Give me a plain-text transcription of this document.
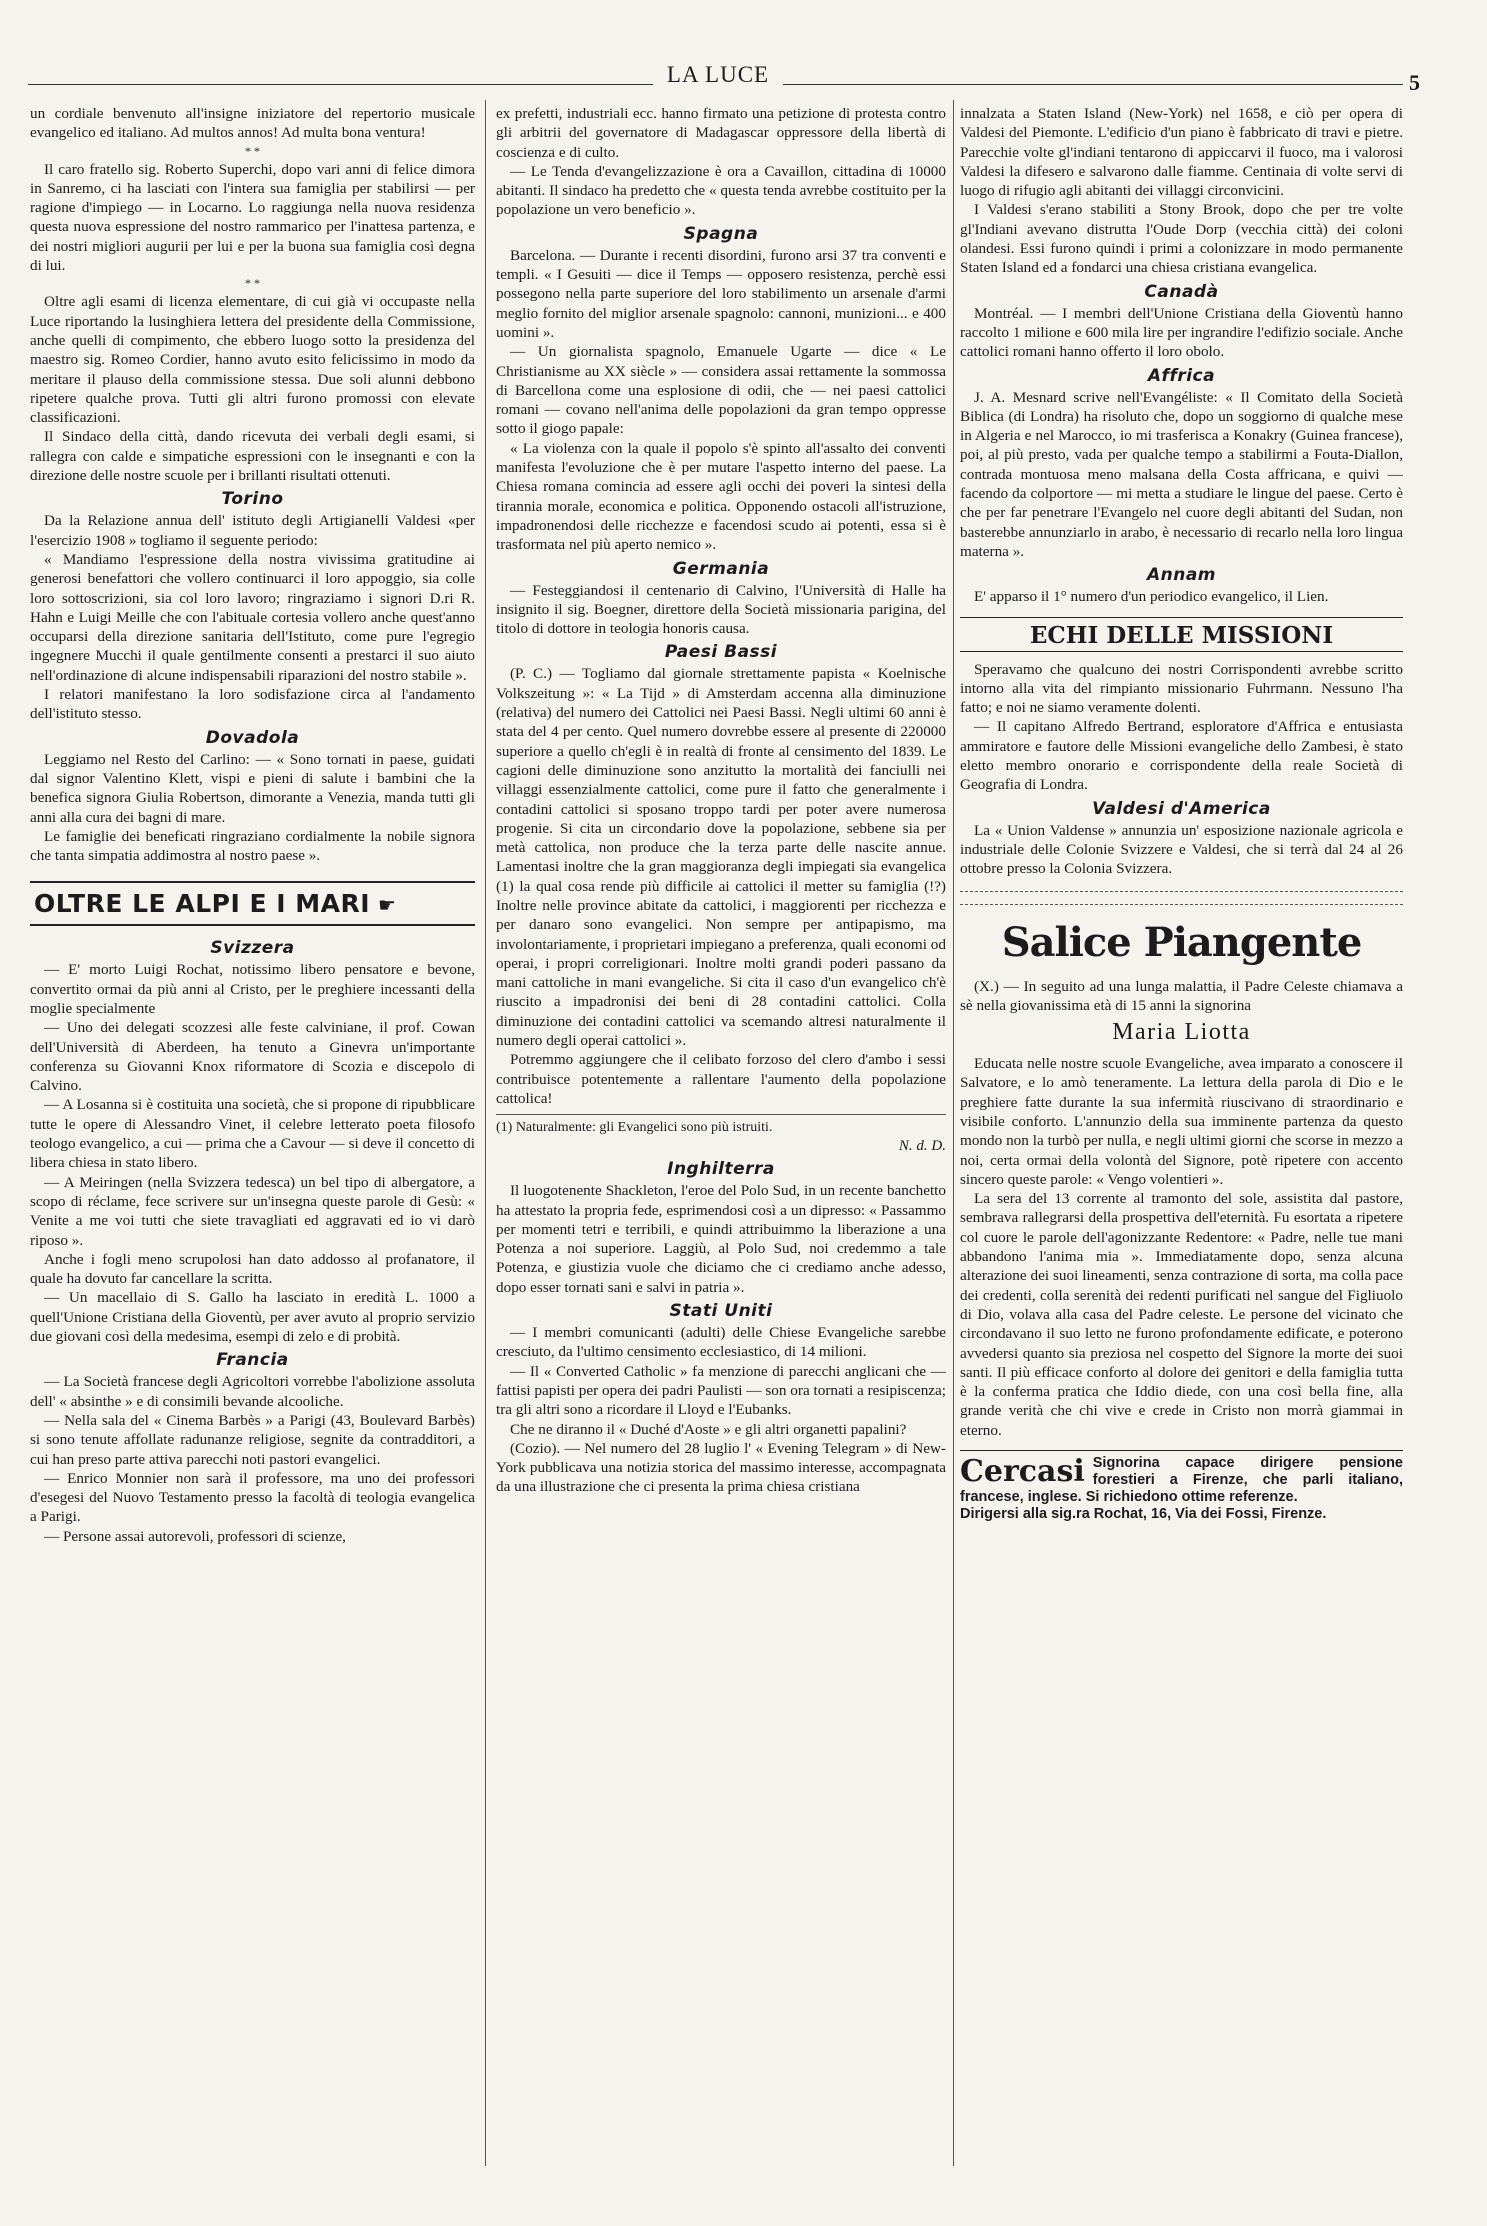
LA LUCE	5

un cordiale benvenuto all'insigne iniziatore del repertorio musicale evangelico ed italiano. Ad multos annos! Ad multa bona ventura!

* *

Il caro fratello sig. Roberto Superchi, dopo vari anni di felice dimora in Sanremo, ci ha lasciati con l'intera sua famiglia per stabilirsi — per ragione d'impiego — in Locarno. Lo raggiunga nella nuova residenza questa nuova espressione del nostro rammarico per l'inattesa partenza, e dei nostri migliori augurii per lui e per la buona sua famiglia così degna di lui.

* *

Oltre agli esami di licenza elementare, di cui già vi occupaste nella Luce riportando la lusinghiera lettera del presidente della Commissione, anche quelli di compimento, che ebbero luogo sotto la presidenza del maestro sig. Romeo Cordier, hanno avuto esito felicissimo in modo da meritare il plauso della commissione stessa. Due soli alunni debbono ripetere qualche prova. Tutti gli altri furono promossi con elevate classificazioni.

Il Sindaco della città, dando ricevuta dei verbali degli esami, si rallegra con calde e simpatiche espressioni con le insegnanti e con la direzione delle nostre scuole per i brillanti risultati ottenuti.

Torino

Da la Relazione annua dell' istituto degli Artigianelli Valdesi «per l'esercizio 1908 » togliamo il seguente periodo:

« Mandiamo l'espressione della nostra vivissima gratitudine ai generosi benefattori che vollero continuarci il loro appoggio, sia colle loro sottoscrizioni, sia col loro lavoro; ringraziamo i signori D.ri R. Hahn e Luigi Meille che con l'abituale cortesia vollero anche quest'anno occuparsi della direzione sanitaria dell'Istituto, come pure l'egregio ingegnere Mucchi il quale gentilmente consenti a prestarci il suo aiuto nell'ordinazione di alcune indispensabili riparazioni del nostro stabile ».

I relatori manifestano la loro sodisfazione circa al l'andamento dell'istituto stesso.

Dovadola

Leggiamo nel Resto del Carlino: — « Sono tornati in paese, guidati dal signor Valentino Klett, vispi e pieni di salute i bambini che la benefica signora Giulia Robertson, dimorante a Venezia, manda tutti gli anni alla cura dei bagni di mare.

Le famiglie dei beneficati ringraziano cordialmente la nobile signora che tanta simpatia addimostra al nostro paese ».

OLTRE LE ALPI E I MARI ☛
Svizzera

— E' morto Luigi Rochat, notissimo libero pensatore e bevone, convertito ormai da più anni al Cristo, per le preghiere incessanti della moglie specialmente

— Uno dei delegati scozzesi alle feste calviniane, il prof. Cowan dell'Università di Aberdeen, ha tenuto a Ginevra un'importante conferenza su Giovanni Knox riformatore di Scozia e discepolo di Calvino.

— A Losanna si è costituita una società, che si propone di ripubblicare tutte le opere di Alessandro Vinet, il celebre letterato poeta filosofo teologo evangelico, a cui — prima che a Cavour — si deve il concetto di libera chiesa in stato libero.

— A Meiringen (nella Svizzera tedesca) un bel tipo di albergatore, a scopo di réclame, fece scrivere sur un'insegna queste parole di Gesù: « Venite a me voi tutti che siete travagliati ed aggravati ed io vi darò riposo ».

Anche i fogli meno scrupolosi han dato addosso al profanatore, il quale ha dovuto far cancellare la scritta.

— Un macellaio di S. Gallo ha lasciato in eredità L. 1000 a quell'Unione Cristiana della Gioventù, per aver avuto al proprio servizio due giovani così della medesima, esempi di zelo e di probità.

Francia

— La Società francese degli Agricoltori vorrebbe l'abolizione assoluta dell' « absinthe » e di consimili bevande alcooliche.

— Nella sala del « Cinema Barbès » a Parigi (43, Boulevard Barbès) si sono tenute affollate radunanze religiose, segnite da contradditori, a cui han preso parte attiva parecchi noti pastori evangelici.

— Enrico Monnier non sarà il professore, ma uno dei professori d'esegesi del Nuovo Testamento presso la facoltà di teologia evangelica a Parigi.

— Persone assai autorevoli, professori di scienze,

ex prefetti, industriali ecc. hanno firmato una petizione di protesta contro gli arbitrii del governatore di Madagascar oppressore della libertà di coscienza e di culto.

— Le Tenda d'evangelizzazione è ora a Cavaillon, cittadina di 10000 abitanti. Il sindaco ha predetto che « questa tenda avrebbe costituito per la popolazione un vero beneficio ».

Spagna

Barcelona. — Durante i recenti disordini, furono arsi 37 tra conventi e templi. « I Gesuiti — dice il Temps — opposero resistenza, perchè essi possegono nella parte superiore del loro stabilimento un arsenale d'armi meglio fornito del miglior arsenale spagnolo: cannoni, munizioni... e 400 uomini ».

— Un giornalista spagnolo, Emanuele Ugarte — dice « Le Christianisme au XX siècle » — considera assai rettamente la sommossa di Barcellona come una esplosione di odii, che — nei paesi cattolici romani — covano nell'anima delle popolazioni da gran tempo oppresse sotto il giogo papale:

« La violenza con la quale il popolo s'è spinto all'assalto dei conventi manifesta l'evoluzione che è per mutare l'aspetto interno del paese. La Chiesa romana comincia ad essere agli occhi dei poveri la sintesi della tirannia morale, economica e politica. Opponendo ostacoli all'istruzione, impadronendosi delle ricchezze e facendosi scudo ai potenti, essa si è trasformata nel più aperto nemico ».

Germania

— Festeggiandosi il centenario di Calvino, l'Università di Halle ha insignito il sig. Boegner, direttore della Società missionaria parigina, del titolo di dottore in teologia honoris causa.

Paesi Bassi

(P. C.) — Togliamo dal giornale strettamente papista « Koelnische Volkszeitung »: « La Tijd » di Amsterdam accenna alla diminuzione (relativa) del numero dei Cattolici nei Paesi Bassi. Negli ultimi 60 anni è stata del 4 per cento. Quel numero dovrebbe essere al presente di 220000 superiore a quello ch'egli è in realtà di fronte al censimento del 1839. Le cagioni delle diminuzione sono anzitutto la mortalità dei fanciulli nei villaggi essenzialmente cattolici, come pure il fatto che generalmente i contadini cattolici si sposano troppo tardi per poter avere numerosa progenie. Si cita un circondario dove la popolazione, sebbene sia per metà cattolica, non produce che la terza parte delle nascite annue. Lamentasi inoltre che la gran maggioranza degli impiegati sia evangelica (1) la qual cosa rende più difficile ai cattolici il metter su famiglia (!?) Inoltre nelle province abitate da cattolici, i maggiorenti per ricchezza e per danaro sono evangelici. Non sempre per antipapismo, ma involontariamente, i proprietari impiegano a preferenza, quali economi od operai, i propri correligionari. Inoltre molti grandi poderi passano da mani cattoliche in mani evangeliche. Si cita il caso d'un evangelico ch'è riuscito a impadronisi dei beni di 28 contadini cattolici. Colla diminuzione dei contadini cattolici va scemando altresi naturalmente il numero degli operai cattolici ».

Potremmo aggiungere che il celibato forzoso del clero d'ambo i sessi contribuisce potentemente a rallentare l'aumento della popolazione cattolica!

(1) Naturalmente: gli Evangelici sono più istruiti.
N. d. D.
Inghilterra

Il luogotenente Shackleton, l'eroe del Polo Sud, in un recente banchetto ha attestato la propria fede, esprimendosi così a un dipresso: « Passammo per momenti tetri e terribili, e quindi attribuimmo la liberazione a una Potenza a noi superiore. Laggiù, al Polo Sud, noi credemmo a tale Potenza, e giustizia vuole che diciamo che ci crediamo anche adesso, dopo esser tornati sani e salvi in patria ».

Stati Uniti

— I membri comunicanti (adulti) delle Chiese Evangeliche sarebbe cresciuto, da l'ultimo censimento ecclesiastico, di 14 milioni.

— Il « Converted Catholic » fa menzione di parecchi anglicani che — fattisi papisti per opera dei padri Paulisti — son ora tornati a resipiscenza; tra gli altri sono a ricordare il Lloyd e l'Eubanks.

Che ne diranno il « Duché d'Aoste » e gli altri organetti papalini?

(Cozio). — Nel numero del 28 luglio l' « Evening Telegram » di New-York pubblicava una notizia storica del massimo interesse, accompagnata da una illustrazione che ci presenta la prima chiesa cristiana

innalzata a Staten Island (New-York) nel 1658, e ciò per opera di Valdesi del Piemonte. L'edificio d'un piano è fabbricato di travi e pietre. Parecchie volte gl'indiani tentarono di appiccarvi il fuoco, ma i valorosi Valdesi la difesero e salvarono dalle fiamme. Centinaia di volte servi di luogo di rifugio agli abitanti dei villaggi circonvicini.

I Valdesi s'erano stabiliti a Stony Brook, dopo che per tre volte gl'Indiani avevano distrutta l'Oude Dorp (vecchia città) dei coloni olandesi. Essi furono quindi i primi a colonizzare in modo permanente Staten Island ed a fondarci una chiesa cristiana evangelica.

Canadà

Montréal. — I membri dell'Unione Cristiana della Gioventù hanno raccolto 1 milione e 600 mila lire per ingrandire l'edifizio sociale. Anche cattolici romani hanno offerto il loro obolo.

Affrica

J. A. Mesnard scrive nell'Evangéliste: « Il Comitato della Società Biblica (di Londra) ha risoluto che, dopo un soggiorno di qualche mese in Algeria e nel Marocco, io mi trasferisca a Konakry (Guinea francese), poi, al più presto, vada per qualche tempo a stabilirmi a Fouta-Diallon, contrada montuosa meno malsana della Costa affricana, e quivi — facendo da colportore — mi metta a studiare le lingue del paese. Certo è che per far penetrare l'Evangelo nel cuore degli abitanti del Sudan, non basterebbe annunziarlo in arabo, è necessario di recarlo nella loro lingua materna ».

Annam

E' apparso il 1° numero d'un periodico evangelico, il Lien.

ECHI DELLE MISSIONI

Speravamo che qualcuno dei nostri Corrispondenti avrebbe scritto intorno alla vita del rimpianto missionario Fuhrmann. Nessuno l'ha fatto; e noi ne siamo veramente dolenti.

— Il capitano Alfredo Bertrand, esploratore d'Affrica e entusiasta ammiratore e fautore delle Missioni evangeliche dello Zambesi, è stato eletto membro onorario e corrispondente della reale Società di Geografia di Londra.

Valdesi d'America

La « Union Valdense » annunzia un' esposizione nazionale agricola e industriale delle Colonie Svizzere e Valdesi, che si terrà dal 24 al 26 ottobre presso la Colonia Svizzera.

Salice Piangente

(X.) — In seguito ad una lunga malattia, il Padre Celeste chiamava a sè nella giovanissima età di 15 anni la signorina

Maria Liotta

Educata nelle nostre scuole Evangeliche, avea imparato a conoscere il Salvatore, e lo amò teneramente. La lettura della parola di Dio e le preghiere fatte durante la sua infermità riuscivano di straordinario e visibile conforto. L'annunzio della sua imminente partenza da questo mondo non la turbò per nulla, e negli ultimi giorni che scorse in mezzo a noi, certa ormai della volontà del Signore, potè ripetere con accento sincero queste parole: « Vengo volentieri ».

La sera del 13 corrente al tramonto del sole, assistita dal pastore, sembrava rallegrarsi della prospettiva dell'eternità. Fu esortata a ripetere col cuore le parole dell'agonizzante Redentore: « Padre, nelle tue mani abbandono l'anima mia ». Immediatamente dopo, senza alcuna alterazione dei suoi lineamenti, senza contrazione di sorta, ma colla pace dei credenti, colla serenità dei redenti purificati nel sangue del Figliuolo di Dio, volava alla casa del Padre celeste. Le persone del vicinato che circondavano il suo letto ne furono profondamente edificate, e poterono avvedersi quanto sia preziosa nel cospetto del Signore la morte dei suoi santi. Il più efficace conforto al dolore dei genitori e della famiglia tutta è la conferma pratica che Iddio diede, con una così bella fine, alla grande verità che chi vive e crede in Cristo non morrà giammai in eterno.

Cercasi Signorina capace dirigere pensione forestieri a Firenze, che parli italiano, francese, inglese. Si richiedono ottime referenze.

Dirigersi alla sig.ra Rochat, 16, Via dei Fossi, Firenze.
